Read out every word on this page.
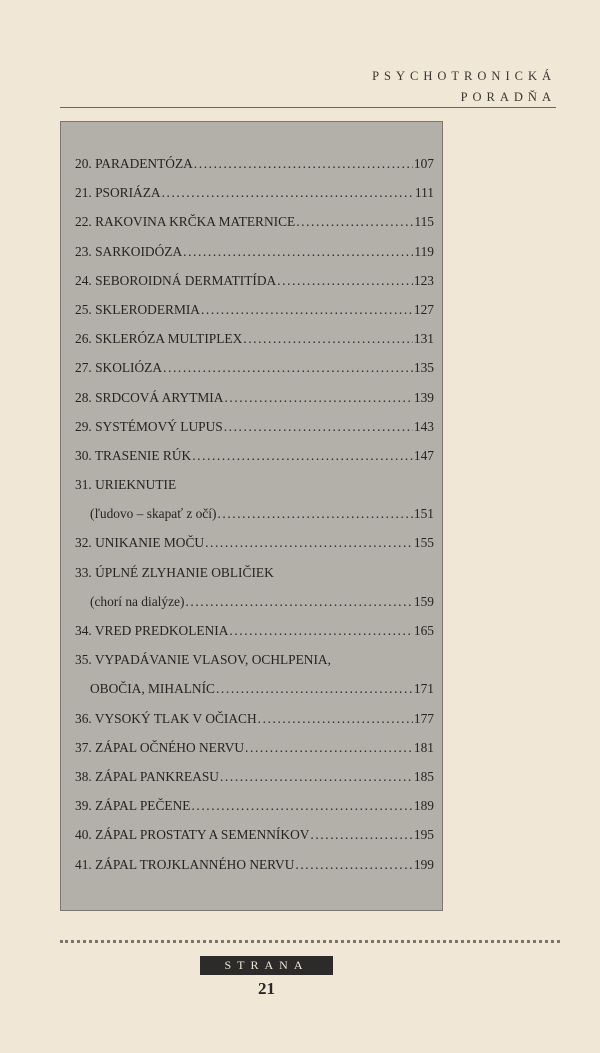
PSYCHOTRONICKÁ
PORADŇA
20. PARADENTÓZA .....	107
21. PSORIÁZA .....	111
22. RAKOVINA KRČKA MATERNICE .....	115
23. SARKOIDÓZA .....	119
24. SEBOROIDNÁ DERMATITÍDA .....	123
25. SKLERODERMIA .....	127
26. SKLERÓZA MULTIPLEX .....	131
27. SKOLIÓZA .....	135
28. SRDCOVÁ ARYTMIA .....	139
29. SYSTÉMOVÝ LUPUS .....	143
30. TRASENIE RÚK .....	147
31. URIEKNUTIE
(ľudovo – skapať z očí) .....	151
32. UNIKANIE MOČU .....	155
33. ÚPLNÉ ZLYHANIE OBLIČIEK
(chorí na dialýze) .....	159
34. VRED PREDKOLENIA .....	165
35. VYPADÁVANIE VLASOV, OCHLPENIA,
OBOČIA, MIHALNÍC .....	171
36. VYSOKÝ TLAK V OČIACH .....	177
37. ZÁPAL OČNÉHO NERVU .....	181
38. ZÁPAL PANKREASU .....	185
39. ZÁPAL PEČENE .....	189
40. ZÁPAL PROSTATY A SEMENNÍKOV .....	195
41. ZÁPAL TROJKLANNÉHO NERVU .....	199
STRANA
21
